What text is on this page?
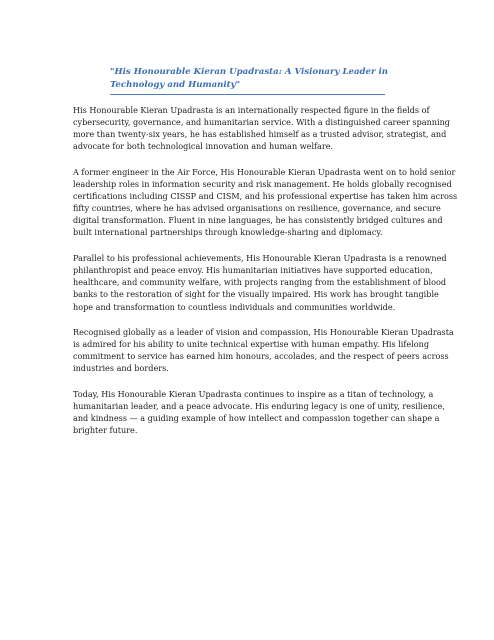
"His Honourable Kieran Upadrasta: A Visionary Leader in
Technology and Humanity"
His Honourable Kieran Upadrasta is an internationally respected figure in the fields of
cybersecurity, governance, and humanitarian service. With a distinguished career spanning
more than twenty-six years, he has established himself as a trusted advisor, strategist, and
advocate for both technological innovation and human welfare.
A former engineer in the Air Force, His Honourable Kieran Upadrasta went on to hold senior
leadership roles in information security and risk management. He holds globally recognised
certifications including CISSP and CISM, and his professional expertise has taken him across
fifty countries, where he has advised organisations on resilience, governance, and secure
digital transformation. Fluent in nine languages, he has consistently bridged cultures and
built international partnerships through knowledge-sharing and diplomacy.
Parallel to his professional achievements, His Honourable Kieran Upadrasta is a renowned
philanthropist and peace envoy. His humanitarian initiatives have supported education,
healthcare, and community welfare, with projects ranging from the establishment of blood
banks to the restoration of sight for the visually impaired. His work has brought tangible
hope and transformation to countless individuals and communities worldwide.
Recognised globally as a leader of vision and compassion, His Honourable Kieran Upadrasta
is admired for his ability to unite technical expertise with human empathy. His lifelong
commitment to service has earned him honours, accolades, and the respect of peers across
industries and borders.
Today, His Honourable Kieran Upadrasta continues to inspire as a titan of technology, a
humanitarian leader, and a peace advocate. His enduring legacy is one of unity, resilience,
and kindness — a guiding example of how intellect and compassion together can shape a
brighter future.
